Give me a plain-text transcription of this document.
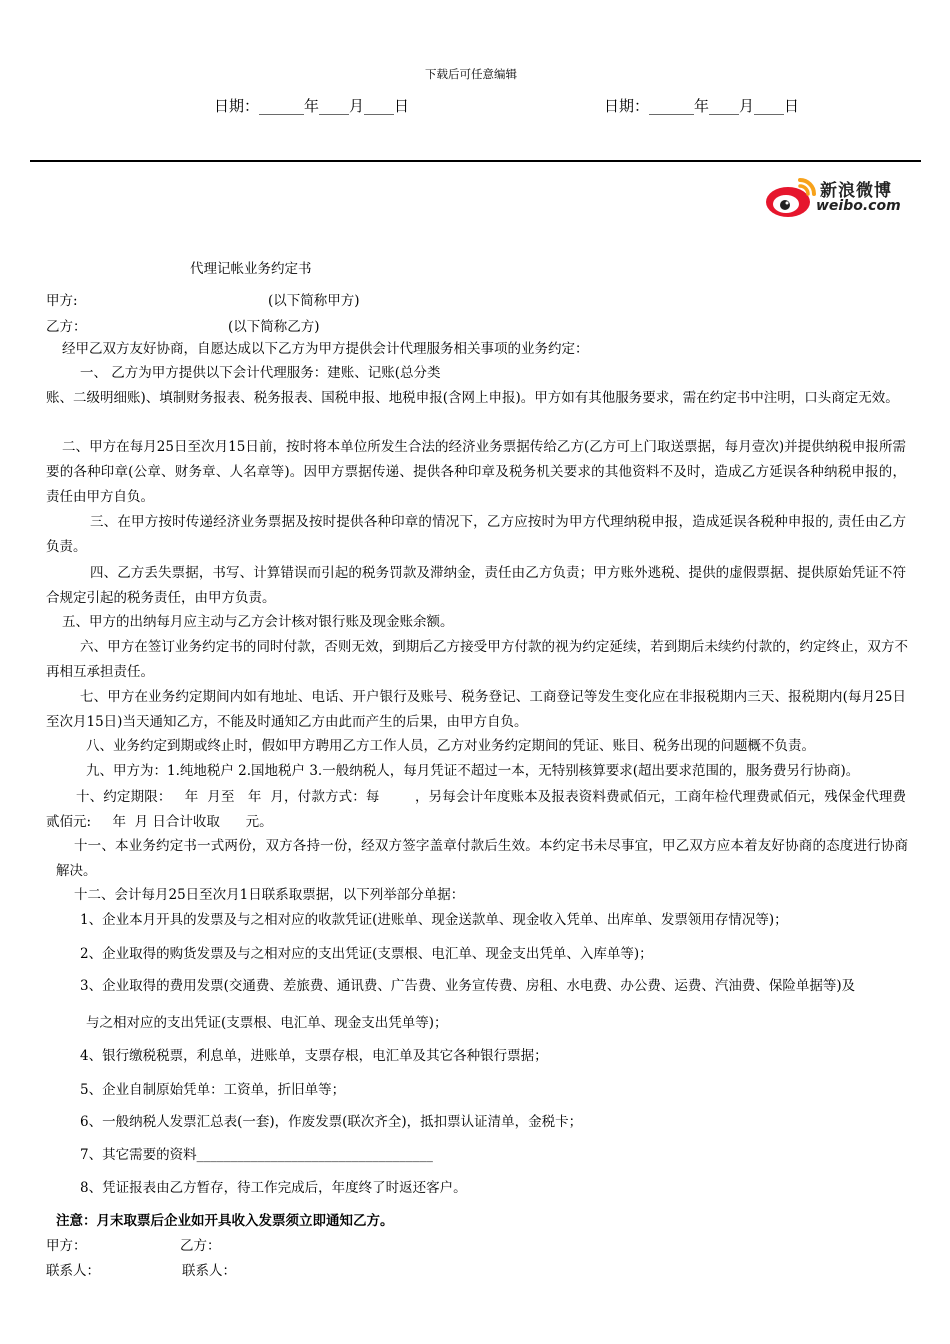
下载后可任意编辑
日期：______年____月____日	日期：______年____月____日
新浪微博
weibo.com
代理记帐业务约定书
甲方:	(以下简称甲方)
乙方：	(以下简称乙方)
经甲乙双方友好协商，自愿达成以下乙方为甲方提供会计代理服务相关事项的业务约定：
一、 乙方为甲方提供以下会计代理服务：建账、记账(总分类
账、二级明细账)、填制财务报表、税务报表、国税申报、地税申报(含网上申报)。甲方如有其他服务要求，需在约定书中注明，口头商定无效。
二、甲方在每月25日至次月15日前，按时将本单位所发生合法的经济业务票据传给乙方(乙方可上门取送票据，每月壹次)并提供纳税申报所需要的各种印章(公章、财务章、人名章等)。因甲方票据传递、提供各种印章及税务机关要求的其他资料不及时，造成乙方延误各种纳税申报的，责任由甲方自负。
三、在甲方按时传递经济业务票据及按时提供各种印章的情况下，乙方应按时为甲方代理纳税申报，造成延误各税种申报的, 责任由乙方负责。
四、乙方丢失票据，书写、计算错误而引起的税务罚款及滞纳金，责任由乙方负责；甲方账外逃税、提供的虚假票据、提供原始凭证不符合规定引起的税务责任，由甲方负责。
五、甲方的出纳每月应主动与乙方会计核对银行账及现金账余额。
六、甲方在签订业务约定书的同时付款，否则无效，到期后乙方接受甲方付款的视为约定延续，若到期后未续约付款的，约定终止，双方不再相互承担责任。
七、甲方在业务约定期间内如有地址、电话、开户银行及账号、税务登记、工商登记等发生变化应在非报税期内三天、报税期内(每月25日至次月15日)当天通知乙方，不能及时通知乙方由此而产生的后果，由甲方自负。
八、业务约定到期或终止时，假如甲方聘用乙方工作人员，乙方对业务约定期间的凭证、账目、税务出现的问题概不负责。
九、甲方为：1.纯地税户 2.国地税户 3.一般纳税人，每月凭证不超过一本，无特别核算要求(超出要求范围的，服务费另行协商)。
十、约定期限：   年  月至   年  月，付款方式：每        ，另每会计年度账本及报表资料费贰佰元，工商年检代理费贰佰元，残保金代理费贰佰元:     年  月 日合计收取      元。
十一、本业务约定书一式两份，双方各持一份，经双方签字盖章付款后生效。本约定书未尽事宜，甲乙双方应本着友好协商的态度进行协商解决。
十二、会计每月25日至次月1日联系取票据，以下列举部分单据：
1、企业本月开具的发票及与之相对应的收款凭证(进账单、现金送款单、现金收入凭单、出库单、发票领用存情况等)；
2、企业取得的购货发票及与之相对应的支出凭证(支票根、电汇单、现金支出凭单、入库单等)；
3、企业取得的费用发票(交通费、差旅费、通讯费、广告费、业务宣传费、房租、水电费、办公费、运费、汽油费、保险单据等)及
与之相对应的支出凭证(支票根、电汇单、现金支出凭单等)；
4、银行缴税税票，利息单，进账单，支票存根，电汇单及其它各种银行票据；
5、企业自制原始凭单：工资单，折旧单等；
6、一般纳税人发票汇总表(一套)，作废发票(联次齐全)，抵扣票认证清单，金税卡；
7、其它需要的资料___________________________________
8、凭证报表由乙方暂存，待工作完成后，年度终了时返还客户。
注意：月末取票后企业如开具收入发票须立即通知乙方。
甲方：	乙方：
联系人：	联系人：
